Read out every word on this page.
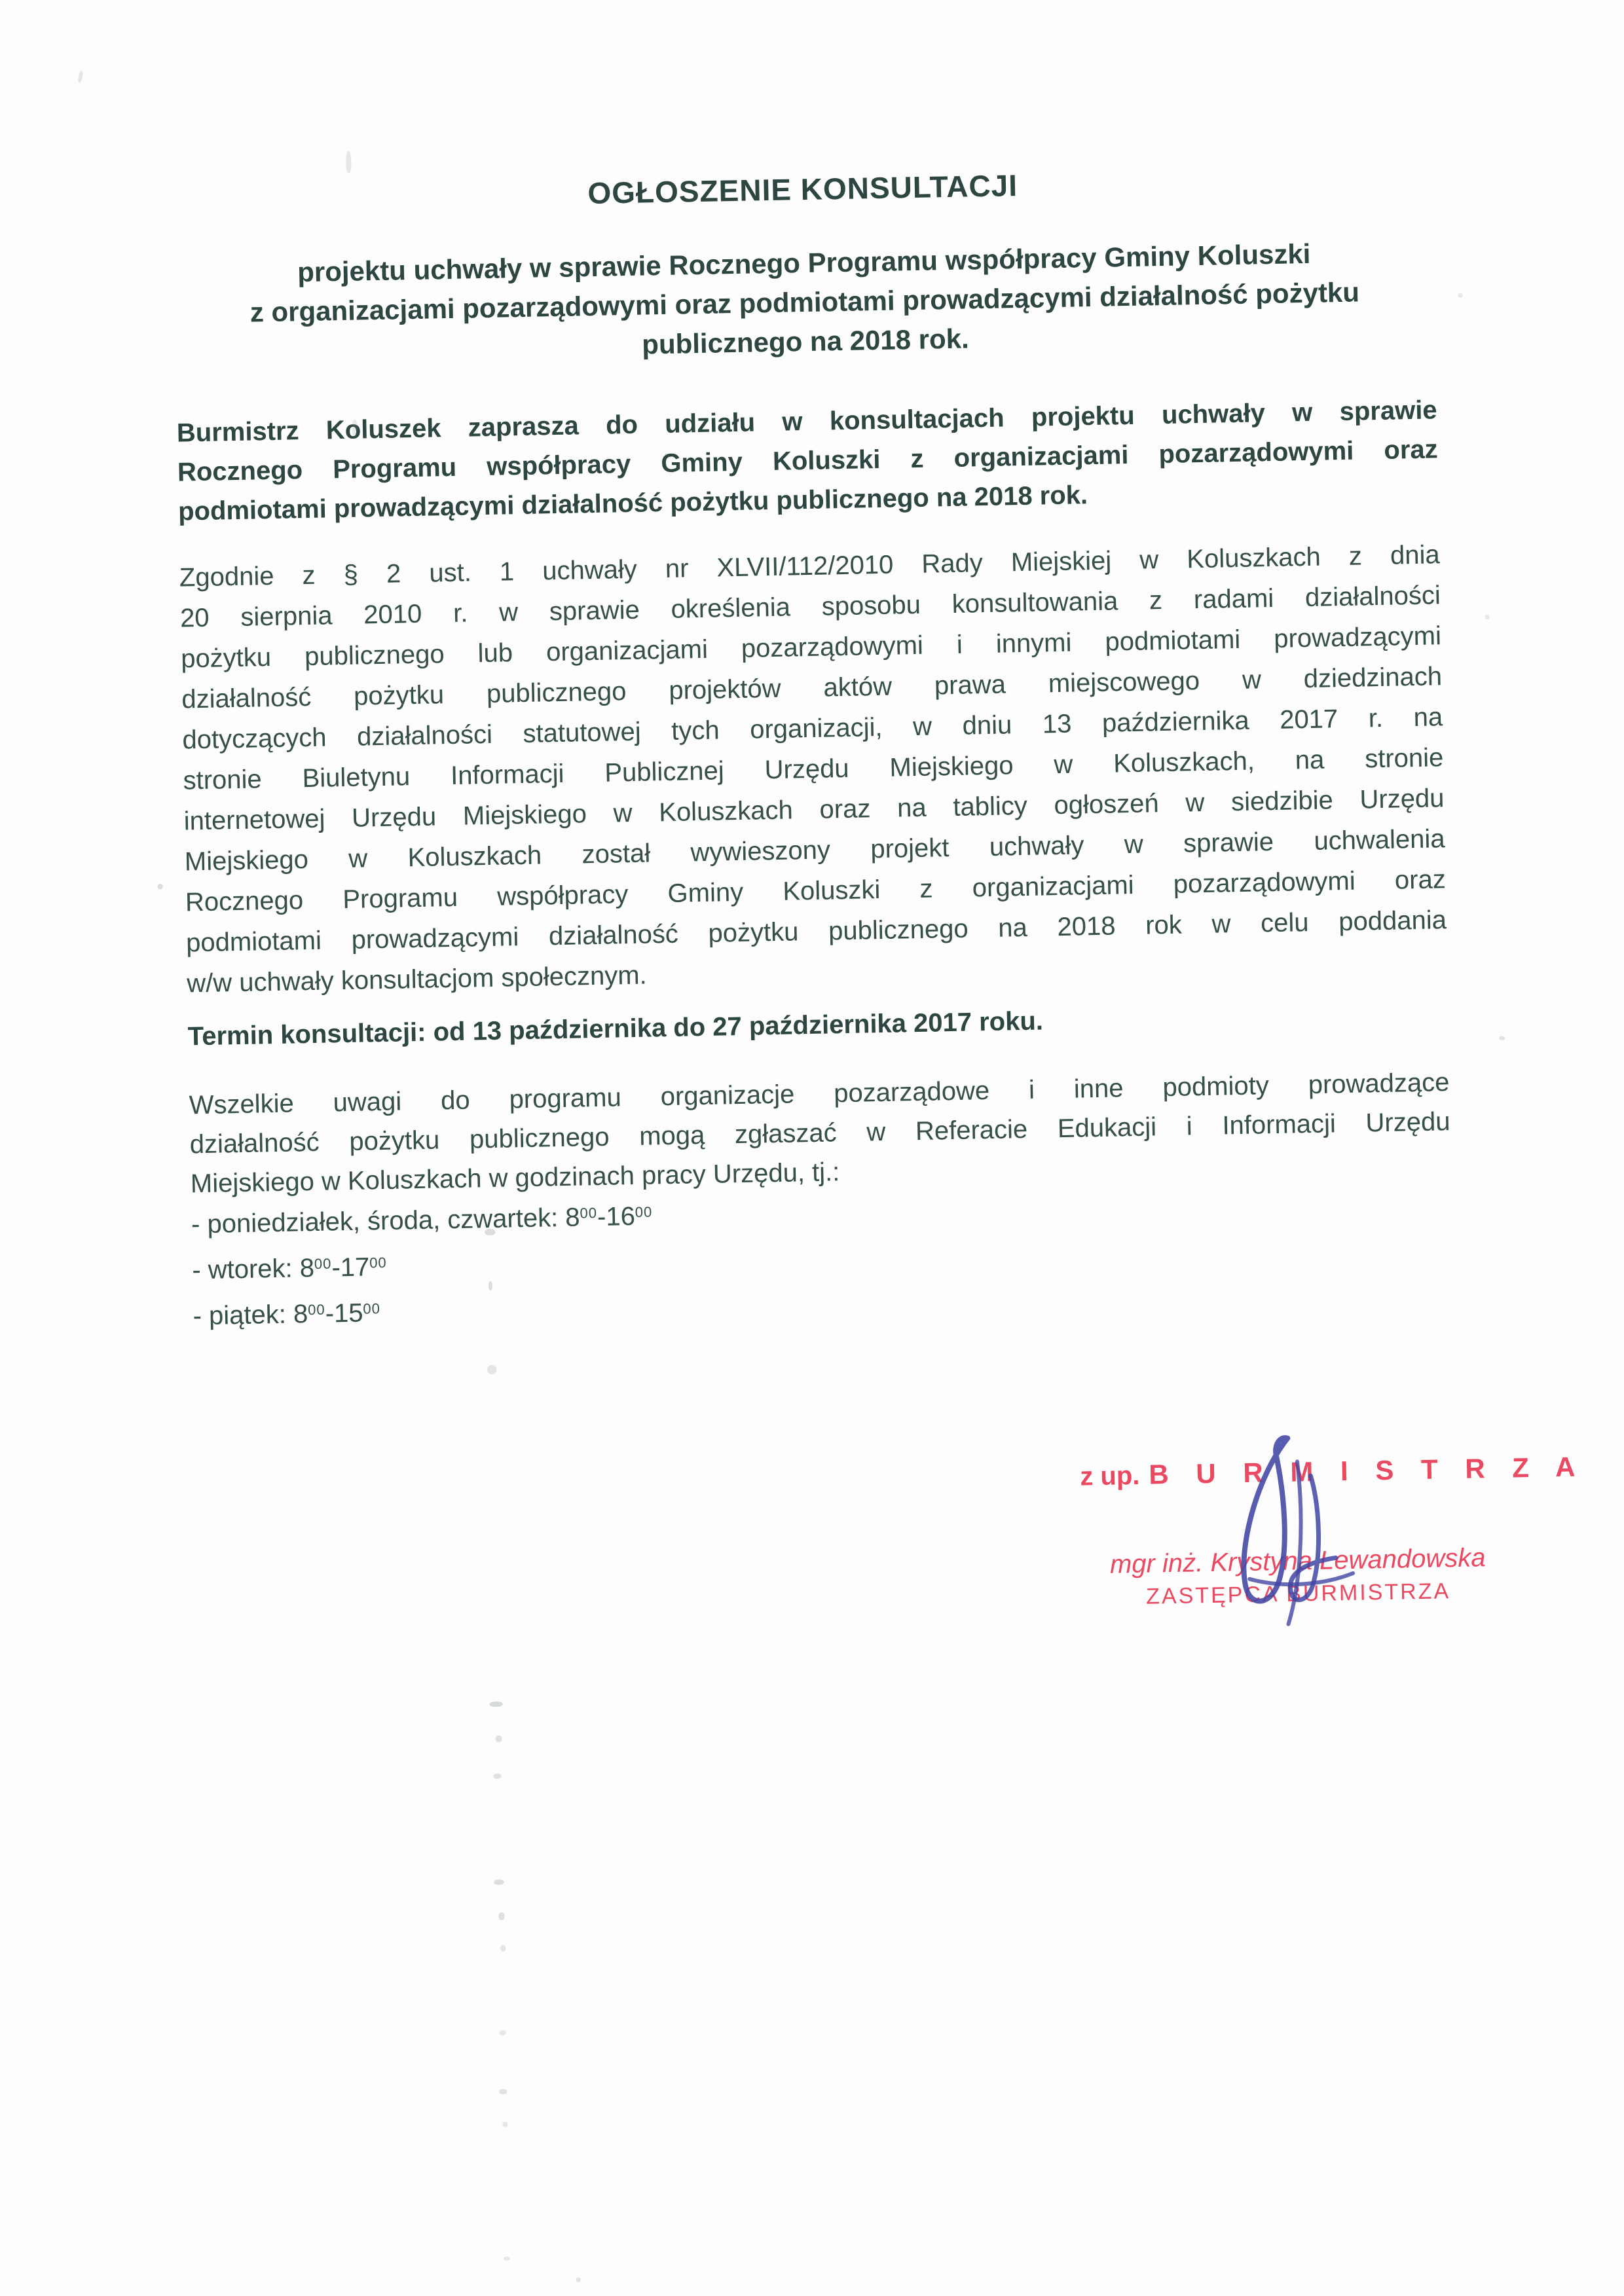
OGŁOSZENIE KONSULTACJI
projektu uchwały w sprawie Rocznego Programu współpracy Gminy Koluszki
z organizacjami pozarządowymi oraz podmiotami prowadzącymi działalność pożytku
publicznego na 2018 rok.
Burmistrz Koluszek zaprasza do udziału w konsultacjach projektu uchwały w sprawie
Rocznego Programu współpracy Gminy Koluszki z organizacjami pozarządowymi oraz
podmiotami prowadzącymi działalność pożytku publicznego na 2018 rok.
Zgodnie z § 2 ust. 1 uchwały nr XLVII/112/2010 Rady Miejskiej w Koluszkach z dnia
20 sierpnia 2010 r. w sprawie określenia sposobu konsultowania z radami działalności
pożytku publicznego lub organizacjami pozarządowymi i innymi podmiotami prowadzącymi
działalność pożytku publicznego projektów aktów prawa miejscowego w dziedzinach
dotyczących działalności statutowej tych organizacji, w dniu 13 października 2017 r. na
stronie Biuletynu Informacji Publicznej Urzędu Miejskiego w Koluszkach, na stronie
internetowej Urzędu Miejskiego w Koluszkach oraz na tablicy ogłoszeń w siedzibie Urzędu
Miejskiego w Koluszkach został wywieszony projekt uchwały w sprawie uchwalenia
Rocznego Programu współpracy Gminy Koluszki z organizacjami pozarządowymi oraz
podmiotami prowadzącymi działalność pożytku publicznego na 2018 rok w celu poddania
w/w uchwały konsultacjom społecznym.
Termin konsultacji: od 13 października do 27 października 2017 roku.
Wszelkie uwagi do programu organizacje pozarządowe i inne podmioty prowadzące
działalność pożytku publicznego mogą zgłaszać w Referacie Edukacji i Informacji Urzędu
Miejskiego w Koluszkach w godzinach pracy Urzędu, tj.:
- poniedziałek, środa, czwartek: $8^{00}-16^{00}$
- wtorek: $8^{00}-17^{00}$
- piątek: $8^{00}-15^{00}$
z up. B U R M I S T R Z A
mgr inż. Krystyna Lewandowska
ZASTĘPCA BURMISTRZA
